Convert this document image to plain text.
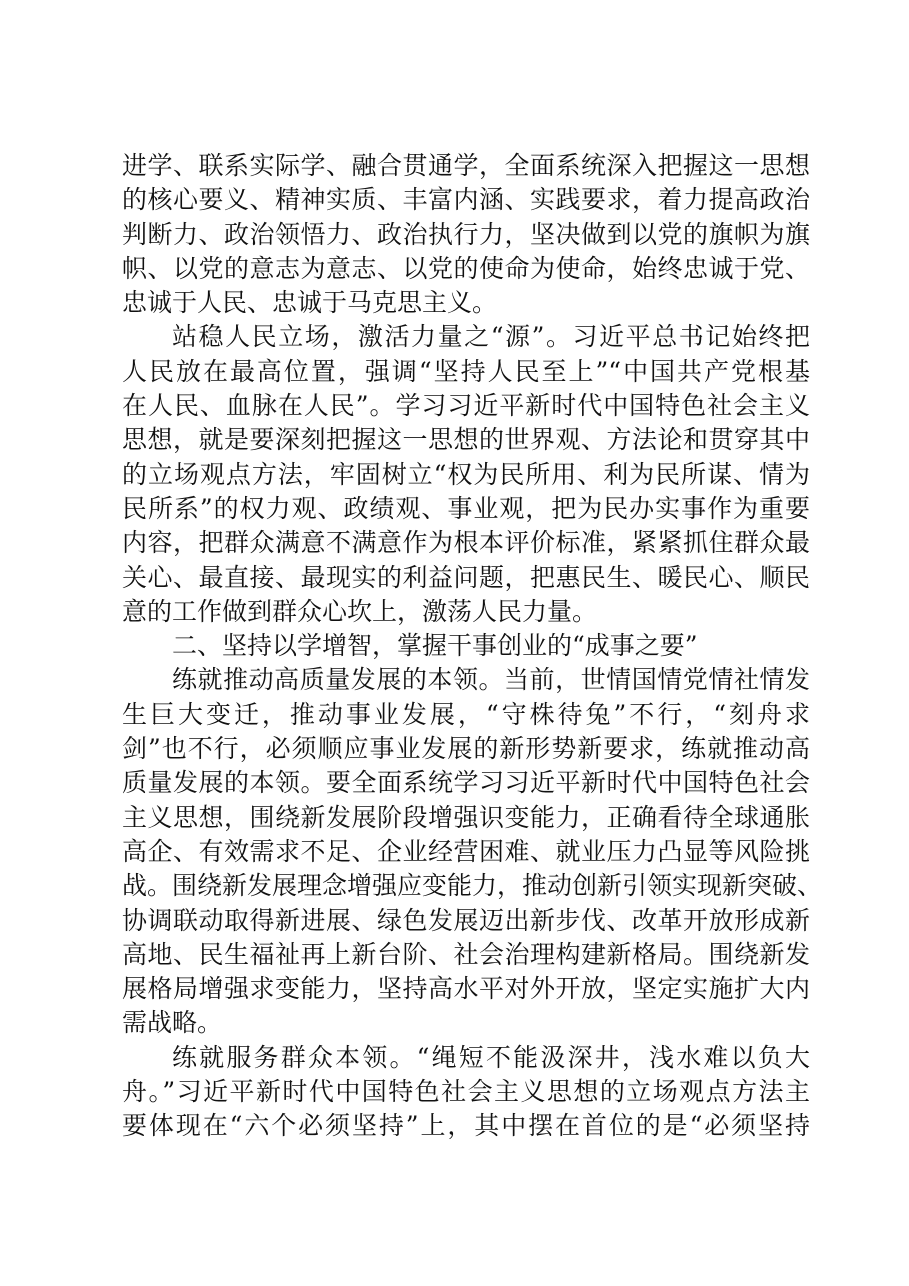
进学、联系实际学、融合贯通学，全面系统深入把握这一思想
的核心要义、精神实质、丰富内涵、实践要求，着力提高政治
判断力、政治领悟力、政治执行力，坚决做到以党的旗帜为旗
帜、以党的意志为意志、以党的使命为使命，始终忠诚于党、
忠诚于人民、忠诚于马克思主义。
站稳人民立场，激活力量之“源”。习近平总书记始终把
人民放在最高位置，强调“坚持人民至上”“中国共产党根基
在人民、血脉在人民”。学习习近平新时代中国特色社会主义
思想，就是要深刻把握这一思想的世界观、方法论和贯穿其中
的立场观点方法，牢固树立“权为民所用、利为民所谋、情为
民所系”的权力观、政绩观、事业观，把为民办实事作为重要
内容，把群众满意不满意作为根本评价标准，紧紧抓住群众最
关心、最直接、最现实的利益问题，把惠民生、暖民心、顺民
意的工作做到群众心坎上，激荡人民力量。
二、坚持以学增智，掌握干事创业的“成事之要”
练就推动高质量发展的本领。当前，世情国情党情社情发
生巨大变迁，推动事业发展，“守株待兔”不行，“刻舟求
剑”也不行，必须顺应事业发展的新形势新要求，练就推动高
质量发展的本领。要全面系统学习习近平新时代中国特色社会
主义思想，围绕新发展阶段增强识变能力，正确看待全球通胀
高企、有效需求不足、企业经营困难、就业压力凸显等风险挑
战。围绕新发展理念增强应变能力，推动创新引领实现新突破、
协调联动取得新进展、绿色发展迈出新步伐、改革开放形成新
高地、民生福祉再上新台阶、社会治理构建新格局。围绕新发
展格局增强求变能力，坚持高水平对外开放，坚定实施扩大内
需战略。
练就服务群众本领。“绳短不能汲深井，浅水难以负大
舟。”习近平新时代中国特色社会主义思想的立场观点方法主
要体现在“六个必须坚持”上，其中摆在首位的是“必须坚持
